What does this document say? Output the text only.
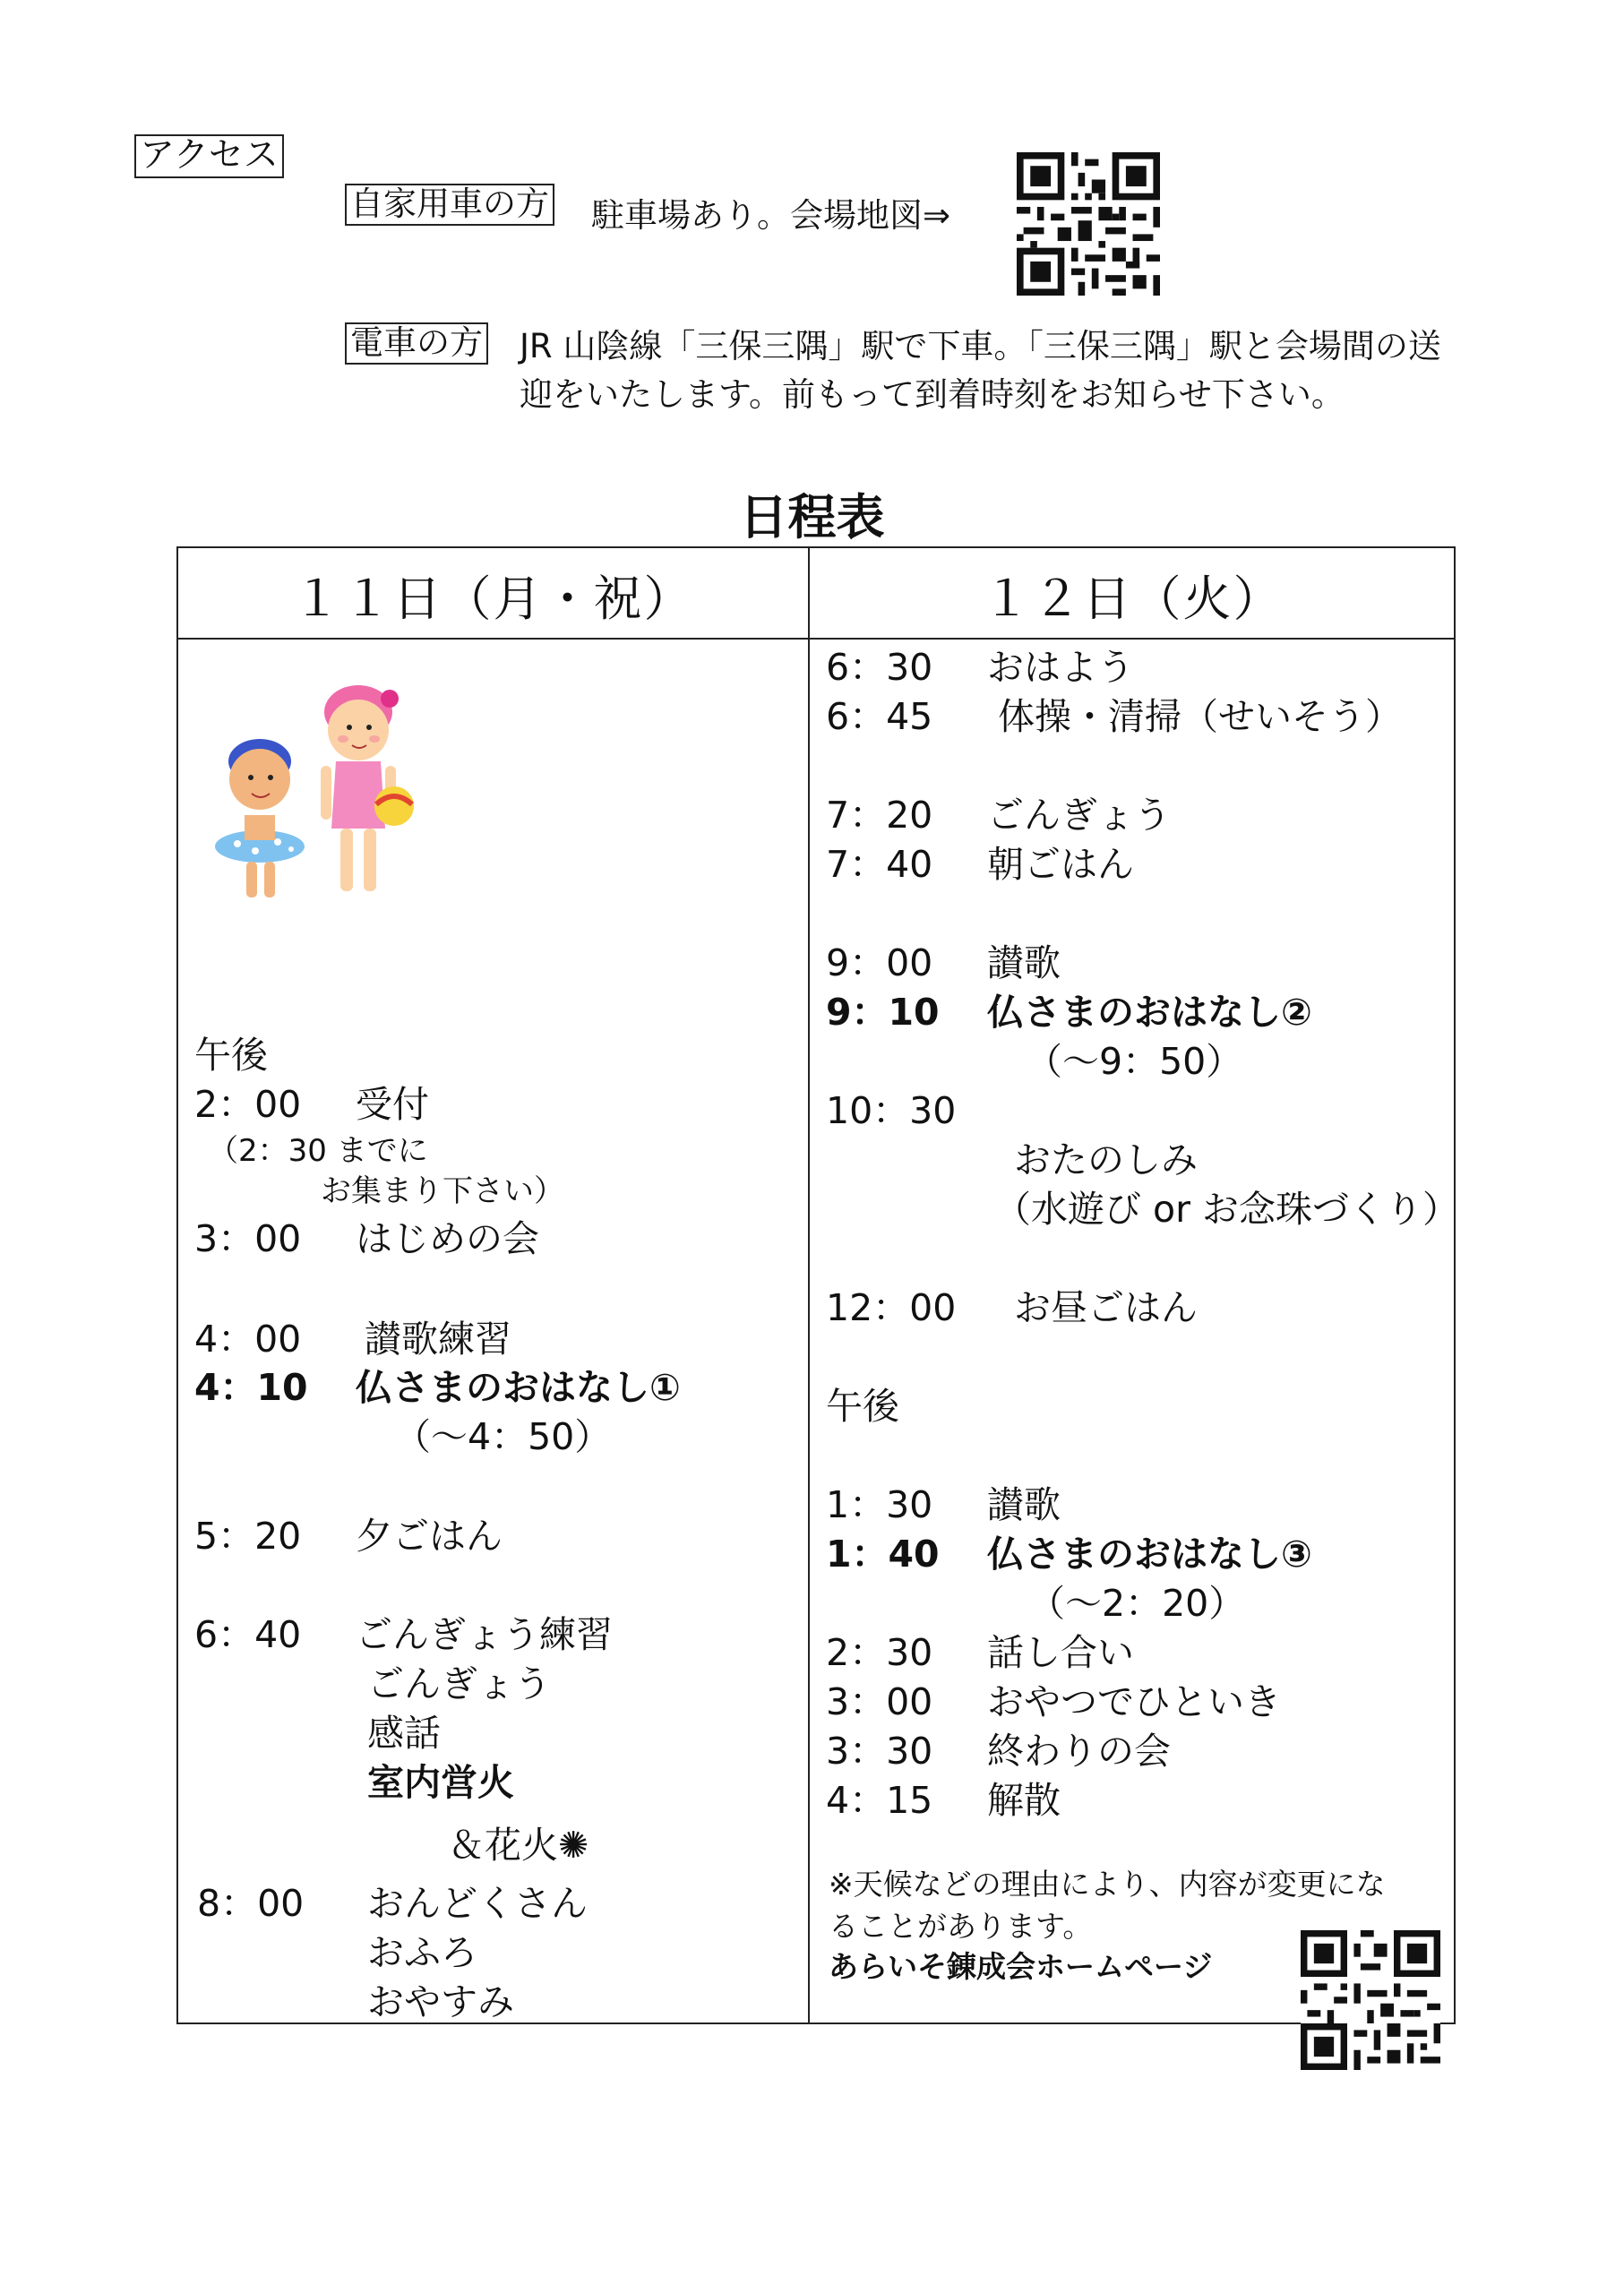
アクセス
自家用車の方 駐車場あり。会場地図⇒
電車の方 JR 山陰線「三保三隅」駅で下車。「三保三隅」駅と会場間の送
迎をいたします。前もって到着時刻をお知らせ下さい。
日程表
１１日（月・祝）	１２日（火）
午後
2：00 受付
（2：30 までに
お集まり下さい）
3：00 はじめの会
4：00 讃歌練習
4：10 仏さまのおはなし①
（～4：50）
5：20 夕ごはん
6：40 ごんぎょう練習
ごんぎょう
感話
室内営火
＆花火✺
8：00 おんどくさん
おふろ
おやすみ
6：30 おはよう
6：45 体操・清掃（せいそう）
7：20 ごんぎょう
7：40 朝ごはん
9：00 讃歌
9：10 仏さまのおはなし②
（～9：50）
10：30
おたのしみ
（水遊び or お念珠づくり）
12：00 お昼ごはん
午後
1：30 讃歌
1：40 仏さまのおはなし③
（～2：20）
2：30 話し合い
3：00 おやつでひといき
3：30 終わりの会
4：15 解散
※天候などの理由により、内容が変更にな
ることがあります。
あらいそ錬成会ホームページ
